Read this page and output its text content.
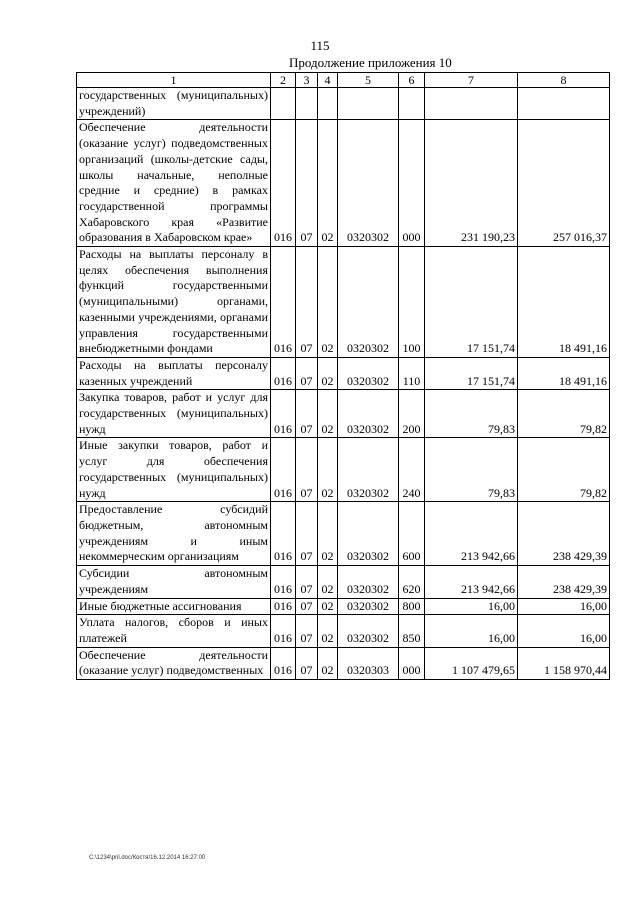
115
Продолжение приложения 10
1	2	3	4	5	6	7	8
государственных (муниципальных) учреждений)							
Обеспечение деятельности (оказание услуг) подведомственных организаций (школы-детские сады, школы начальные, неполные средние и средние) в рамках государственной программы Хабаровского края «Развитие образования в Хабаровском крае»	016	07	02	0320302	000	231 190,23	257 016,37
Расходы на выплаты персоналу в целях обеспечения выполнения функций государственными (муниципальными) органами, казенными учреждениями, органами управления государственными внебюджетными фондами	016	07	02	0320302	100	17 151,74	18 491,16
Расходы на выплаты персоналу казенных учреждений	016	07	02	0320302	110	17 151,74	18 491,16
Закупка товаров, работ и услуг для государственных (муниципальных) нужд	016	07	02	0320302	200	79,83	79,82
Иные закупки товаров, работ и услуг для обеспечения государственных (муниципальных) нужд	016	07	02	0320302	240	79,83	79,82
Предоставление субсидий бюджетным, автономным учреждениям и иным некоммерческим организациям	016	07	02	0320302	600	213 942,66	238 429,39
Субсидии автономным учреждениям	016	07	02	0320302	620	213 942,66	238 429,39
Иные бюджетные ассигнования	016	07	02	0320302	800	16,00	16,00
Уплата налогов, сборов и иных платежей	016	07	02	0320302	850	16,00	16,00
Обеспечение деятельности (оказание услуг) подведомственных	016	07	02	0320303	000	1 107 479,65	1 158 970,44
C:\1234\pril.doc/Костя/16.12.2014 16:27:00
